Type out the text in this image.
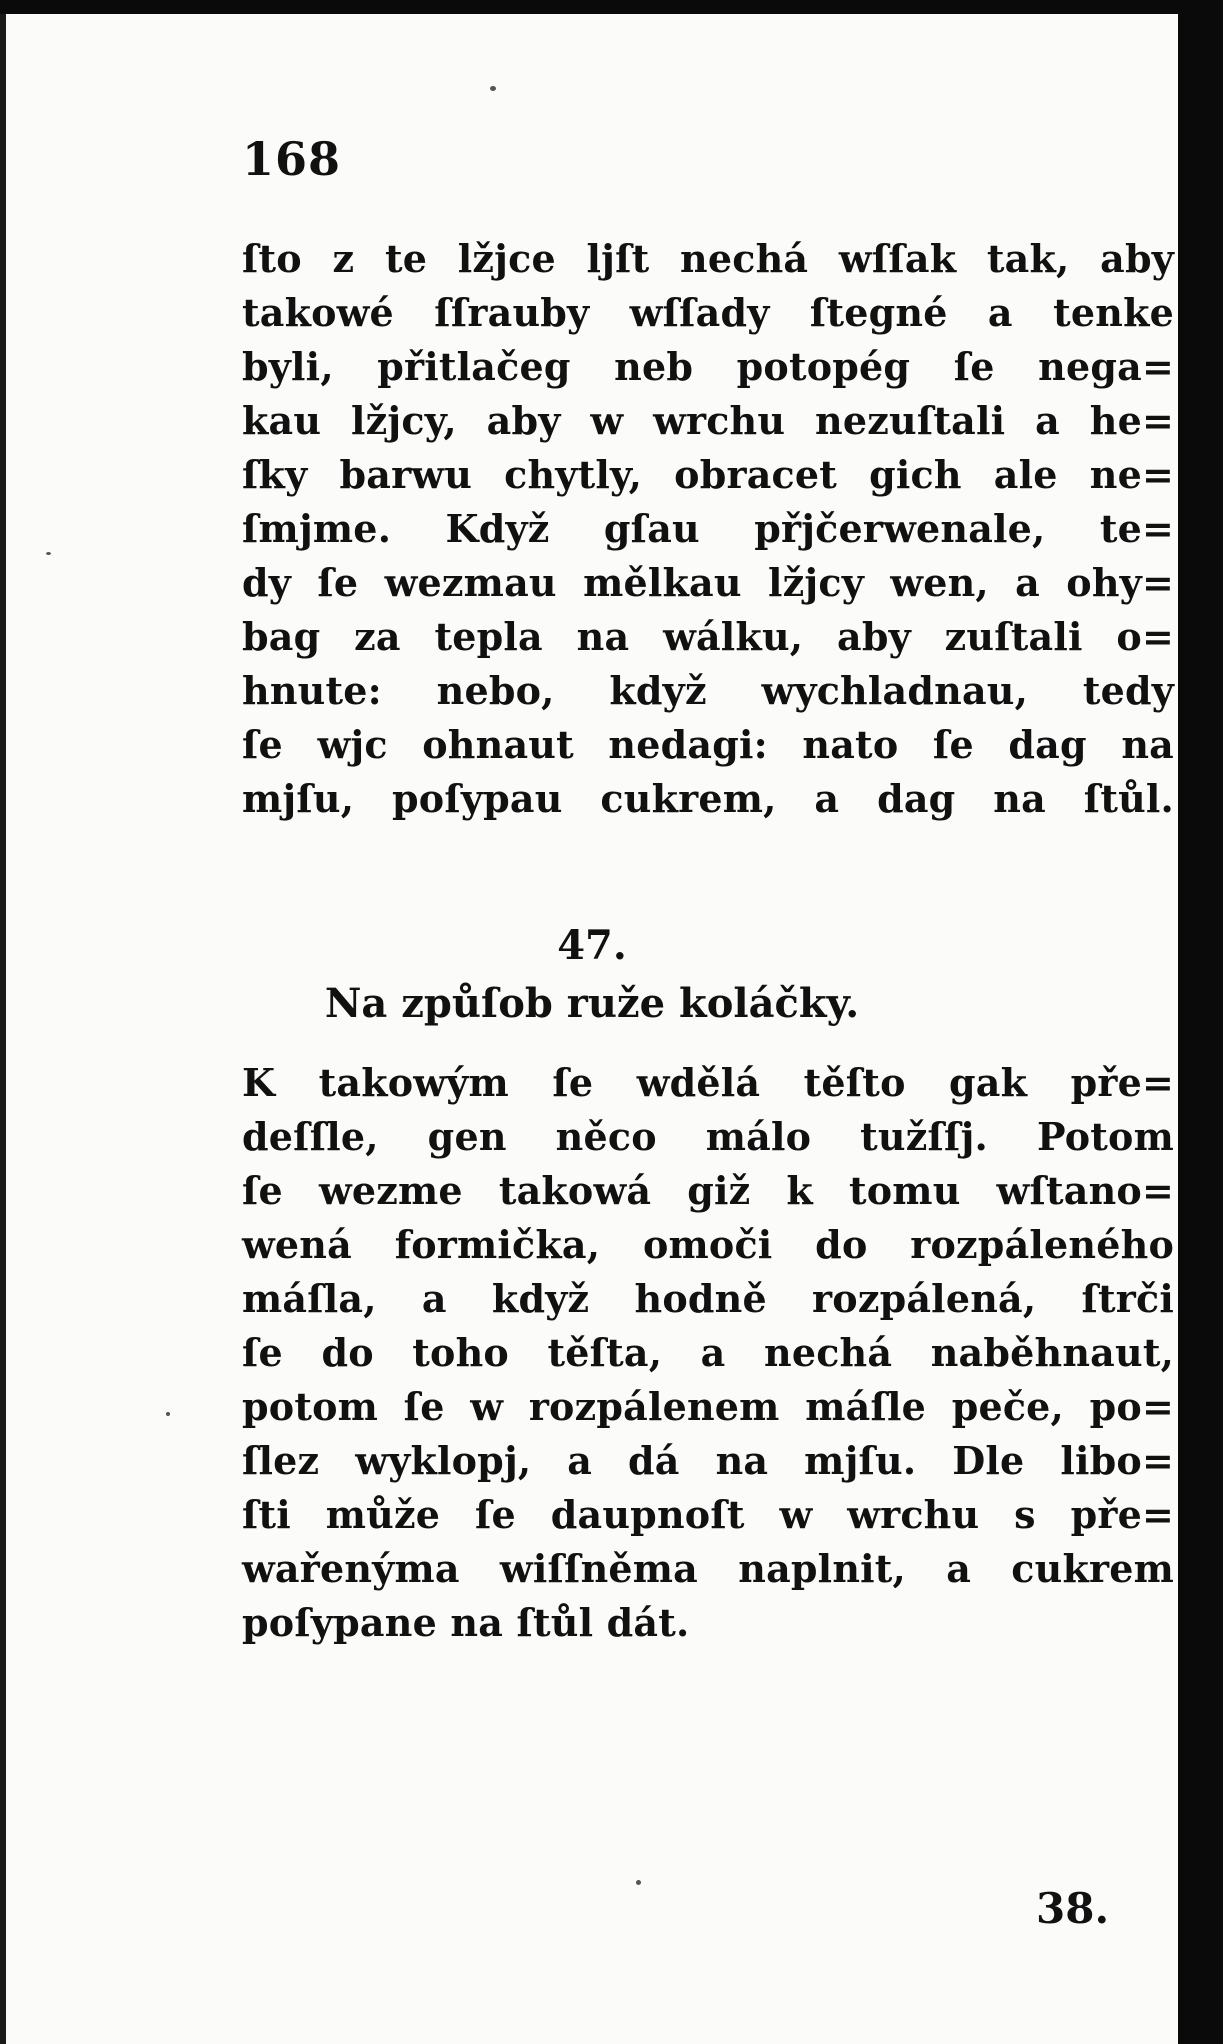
168
ſto z te lžjce ljſt nechá wſſak tak, aby
takowé ſſrauby wſſady ſtegné a tenke
byli, přitlačeg neb potopég ſe nega=
kau lžjcy, aby w wrchu nezuſtali a he=
ſky barwu chytly, obracet gich ale ne=
ſmjme. Když gſau přjčerwenale, te=
dy ſe wezmau mělkau lžjcy wen, a ohy=
bag za tepla na wálku, aby zuſtali o=
hnute: nebo, když wychladnau, tedy
ſe wjc ohnaut nedagi: nato ſe dag na
mjſu, poſypau cukrem, a dag na ſtůl.
47.
Na způſob ruže koláčky.
K takowým ſe wdělá těſto gak pře=
deſſle, gen něco málo tužſſj. Potom
ſe wezme takowá giž k tomu wſtano=
wená formička, omoči do rozpáleného
máſla, a když hodně rozpálená, ſtrči
ſe do toho těſta, a nechá naběhnaut,
potom ſe w rozpálenem máſle peče, po=
ſlez wyklopj, a dá na mjſu. Dle libo=
ſti může ſe daupnoſt w wrchu s pře=
wařenýma wiſſněma naplnit, a cukrem
poſypane na ſtůl dát.
38.
